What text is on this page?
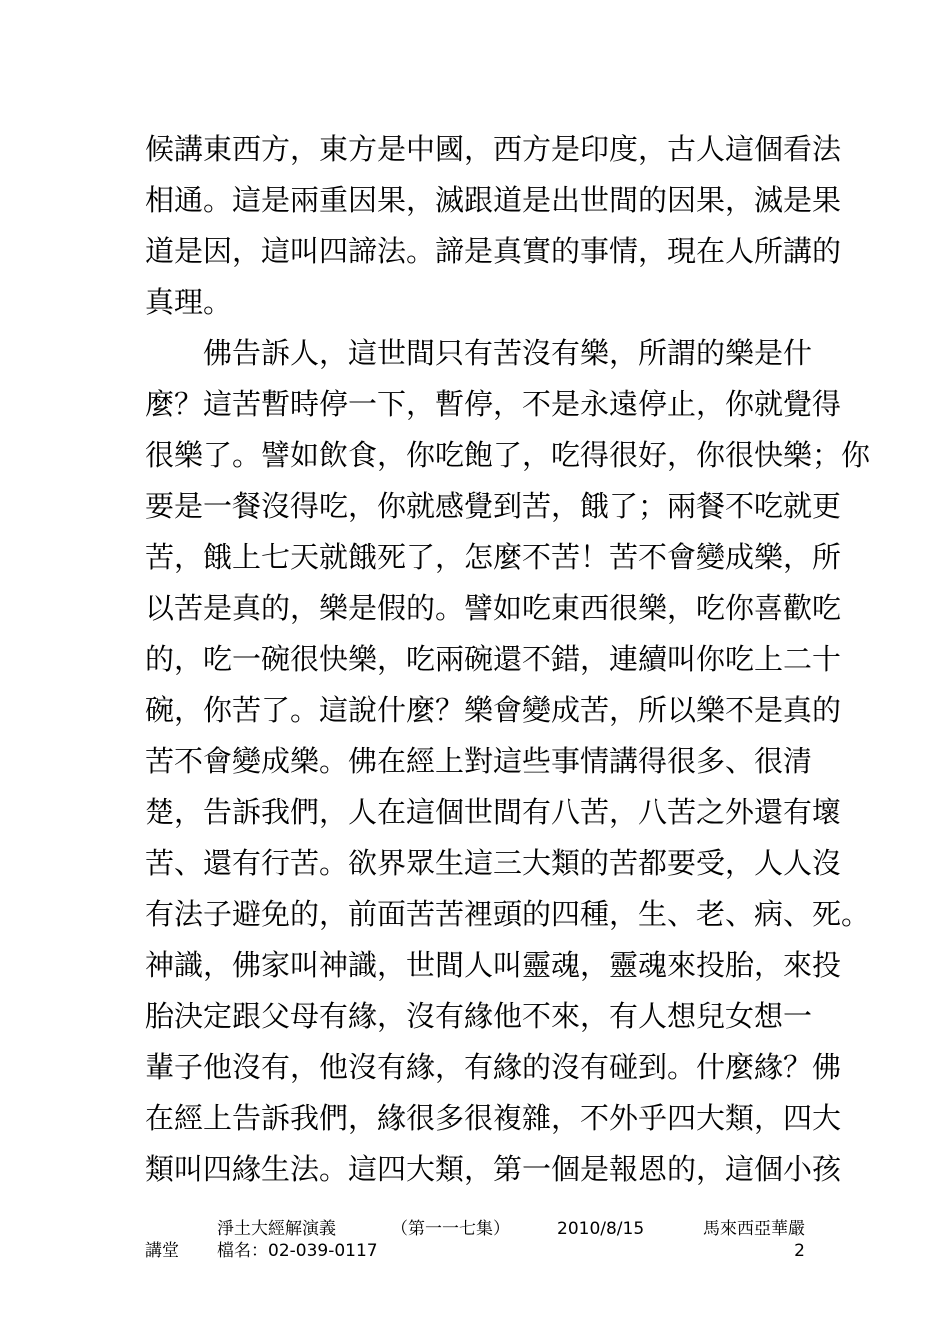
候講東西方，東方是中國，西方是印度，古人這個看法
相通。這是兩重因果，滅跟道是出世間的因果，滅是果
道是因，這叫四諦法。諦是真實的事情，現在人所講的
真理。
　　佛告訴人，這世間只有苦沒有樂，所謂的樂是什
麼？這苦暫時停一下，暫停，不是永遠停止，你就覺得
很樂了。譬如飲食，你吃飽了，吃得很好，你很快樂；你
要是一餐沒得吃，你就感覺到苦，餓了；兩餐不吃就更
苦，餓上七天就餓死了，怎麼不苦！苦不會變成樂，所
以苦是真的，樂是假的。譬如吃東西很樂，吃你喜歡吃
的，吃一碗很快樂，吃兩碗還不錯，連續叫你吃上二十
碗，你苦了。這說什麼？樂會變成苦，所以樂不是真的
苦不會變成樂。佛在經上對這些事情講得很多、很清
楚，告訴我們，人在這個世間有八苦，八苦之外還有壞
苦、還有行苦。欲界眾生這三大類的苦都要受，人人沒
有法子避免的，前面苦苦裡頭的四種，生、老、病、死。
神識，佛家叫神識，世間人叫靈魂，靈魂來投胎，來投
胎決定跟父母有緣，沒有緣他不來，有人想兒女想一
輩子他沒有，他沒有緣，有緣的沒有碰到。什麼緣？佛
在經上告訴我們，緣很多很複雜，不外乎四大類，四大
類叫四緣生法。這四大類，第一個是報恩的，這個小孩
淨土大經解演義	（第一一七集）	2010/8/15	馬來西亞華嚴
講堂 檔名：02-039-0117	2
